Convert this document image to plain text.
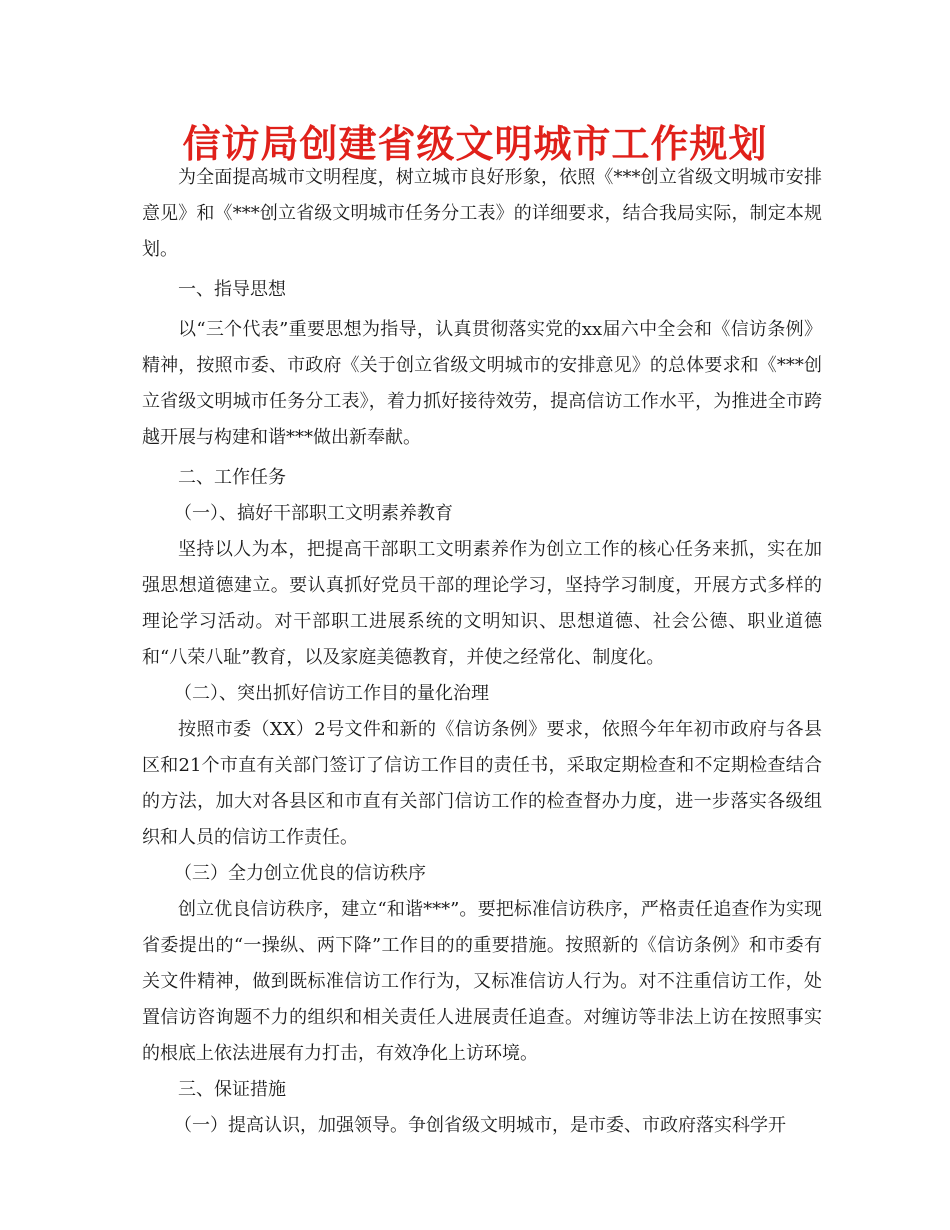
信访局创建省级文明城市工作规划

为全面提高城市文明程度，树立城市良好形象，依照《***创立省级文明城市安排意见》和《***创立省级文明城市任务分工表》的详细要求，结合我局实际，制定本规划。

一、指导思想

以“三个代表”重要思想为指导，认真贯彻落实党的xx届六中全会和《信访条例》精神，按照市委、市政府《关于创立省级文明城市的安排意见》的总体要求和《***创立省级文明城市任务分工表》，着力抓好接待效劳，提高信访工作水平，为推进全市跨越开展与构建和谐***做出新奉献。

二、工作任务

（一）、搞好干部职工文明素养教育

坚持以人为本，把提高干部职工文明素养作为创立工作的核心任务来抓，实在加强思想道德建立。要认真抓好党员干部的理论学习，坚持学习制度，开展方式多样的理论学习活动。对干部职工进展系统的文明知识、思想道德、社会公德、职业道德和“八荣八耻”教育，以及家庭美德教育，并使之经常化、制度化。

（二）、突出抓好信访工作目的量化治理

按照市委（XX）2号文件和新的《信访条例》要求，依照今年年初市政府与各县区和21个市直有关部门签订了信访工作目的责任书，采取定期检查和不定期检查结合的方法，加大对各县区和市直有关部门信访工作的检查督办力度，进一步落实各级组织和人员的信访工作责任。

（三）全力创立优良的信访秩序

创立优良信访秩序，建立“和谐***”。要把标准信访秩序，严格责任追查作为实现省委提出的“一操纵、两下降”工作目的的重要措施。按照新的《信访条例》和市委有关文件精神，做到既标准信访工作行为，又标准信访人行为。对不注重信访工作，处置信访咨询题不力的组织和相关责任人进展责任追查。对缠访等非法上访在按照事实的根底上依法进展有力打击，有效净化上访环境。

三、保证措施

（一）提高认识，加强领导。争创省级文明城市，是市委、市政府落实科学开
